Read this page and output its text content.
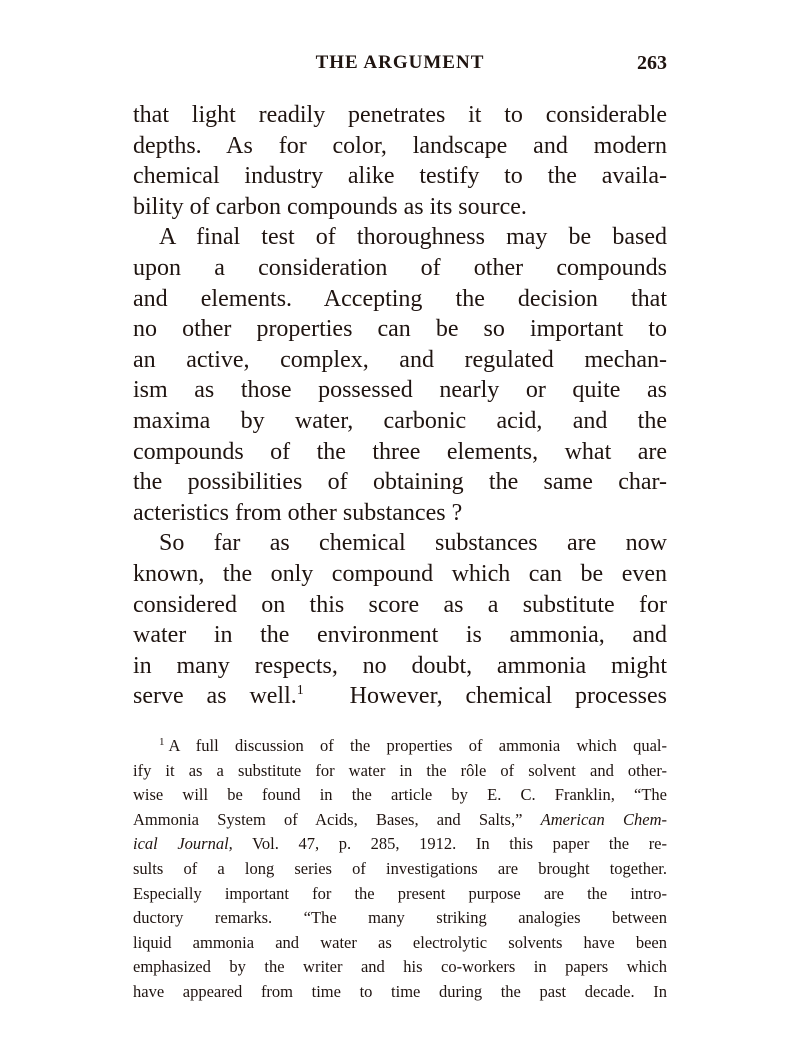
THE ARGUMENT	263
that light readily penetrates it to considerable
depths. As for color, landscape and modern
chemical industry alike testify to the availa-
bility of carbon compounds as its source.
A final test of thoroughness may be based
upon a consideration of other compounds
and elements. Accepting the decision that
no other properties can be so important to
an active, complex, and regulated mechan-
ism as those possessed nearly or quite as
maxima by water, carbonic acid, and the
compounds of the three elements, what are
the possibilities of obtaining the same char-
acteristics from other substances ?
So far as chemical substances are now
known, the only compound which can be even
considered on this score as a substitute for
water in the environment is ammonia, and
in many respects, no doubt, ammonia might
serve as well.$^1$ However, chemical processes
$^1$ A full discussion of the properties of ammonia which qual-
ify it as a substitute for water in the rôle of solvent and other-
wise will be found in the article by E. C. Franklin, “The
Ammonia System of Acids, Bases, and Salts,” American Chem-
ical Journal, Vol. 47, p. 285, 1912. In this paper the re-
sults of a long series of investigations are brought together.
Especially important for the present purpose are the intro-
ductory remarks. “The many striking analogies between
liquid ammonia and water as electrolytic solvents have been
emphasized by the writer and his co-workers in papers which
have appeared from time to time during the past decade. In
